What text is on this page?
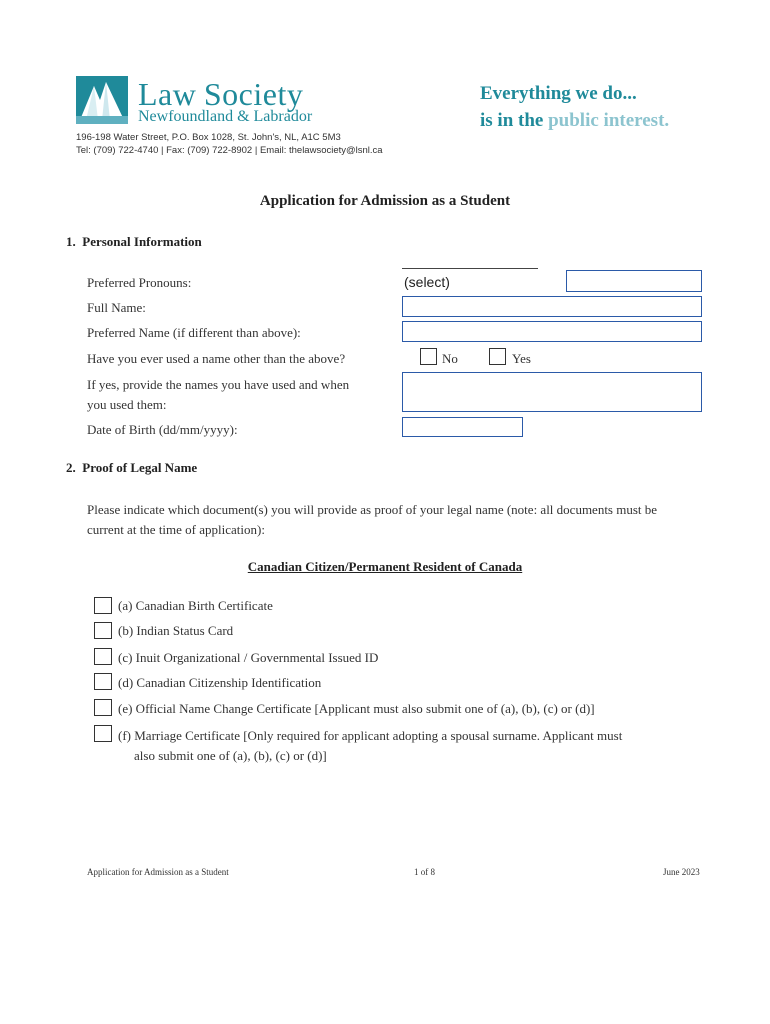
Law Society
Newfoundland & Labrador
196-198 Water Street, P.O. Box 1028, St. John's, NL, A1C 5M3
Tel: (709) 722-4740 | Fax: (709) 722-8902 | Email: thelawsociety@lsnl.ca
Everything we do...
is in the public interest.
Application for Admission as a Student
1. Personal Information
Preferred Pronouns:	(select)
Full Name:
Preferred Name (if different than above):
Have you ever used a name other than the above?	No	Yes
If yes, provide the names you have used and when
you used them:
Date of Birth (dd/mm/yyyy):
2. Proof of Legal Name
Please indicate which document(s) you will provide as proof of your legal name (note: all documents must be
current at the time of application):
Canadian Citizen/Permanent Resident of Canada
(a) Canadian Birth Certificate
(b) Indian Status Card
(c) Inuit Organizational / Governmental Issued ID
(d) Canadian Citizenship Identification
(e) Official Name Change Certificate [Applicant must also submit one of (a), (b), (c) or (d)]
(f) Marriage Certificate [Only required for applicant adopting a spousal surname. Applicant must
also submit one of (a), (b), (c) or (d)]
Application for Admission as a Student	1 of 8	June 2023
